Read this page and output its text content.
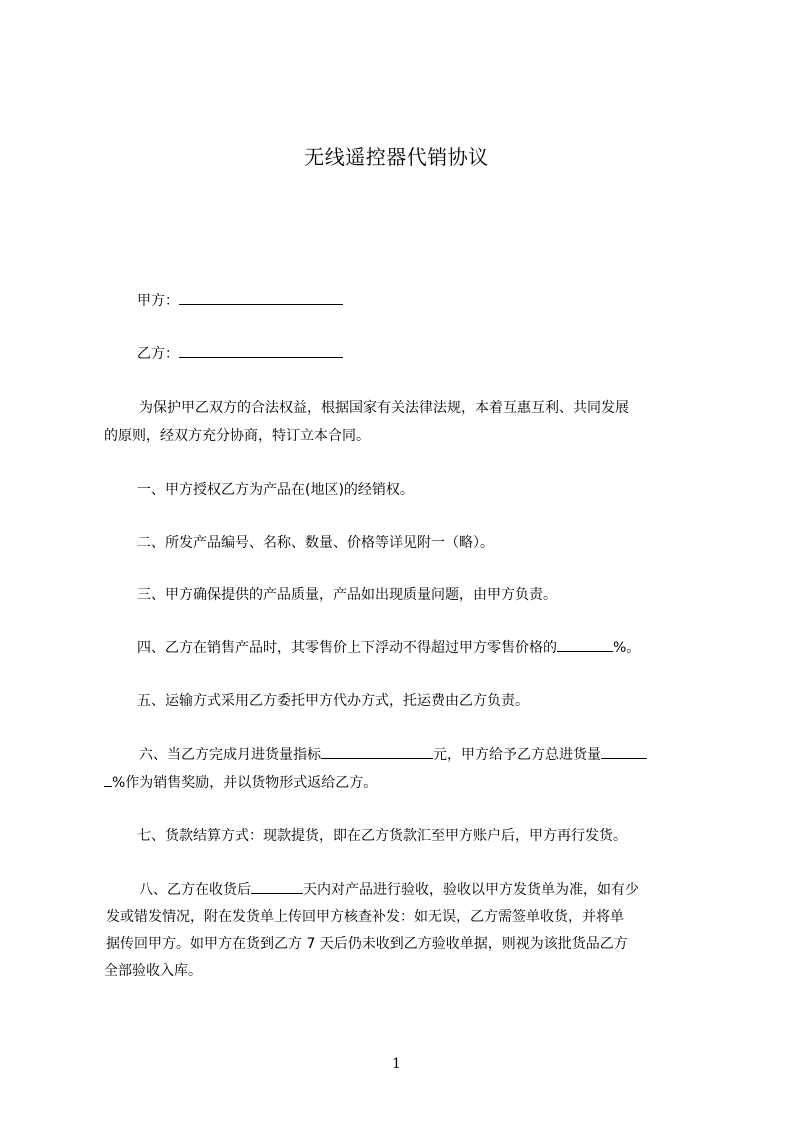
无线遥控器代销协议
甲方：
乙方：
为保护甲乙双方的合法权益，根据国家有关法律法规，本着互惠互利、共同发展
的原则，经双方充分协商，特订立本合同。
一、甲方授权乙方为产品在(地区)的经销权。
二、所发产品编号、名称、数量、价格等详见附一（略）。
三、甲方确保提供的产品质量，产品如出现质量问题，由甲方负责。
四、乙方在销售产品时，其零售价上下浮动不得超过甲方零售价格的	%。
五、运输方式采用乙方委托甲方代办方式，托运费由乙方负责。
六、当乙方完成月进货量指标	元，甲方给予乙方总进货量
%作为销售奖励，并以货物形式返给乙方。
七、货款结算方式：现款提货，即在乙方货款汇至甲方账户后，甲方再行发货。
八、乙方在收货后	天内对产品进行验收，验收以甲方发货单为准，如有少
发或错发情况，附在发货单上传回甲方核查补发：如无误，乙方需签单收货，并将单
据传回甲方。如甲方在货到乙方 7 天后仍未收到乙方验收单据，则视为该批货品乙方
全部验收入库。
1
